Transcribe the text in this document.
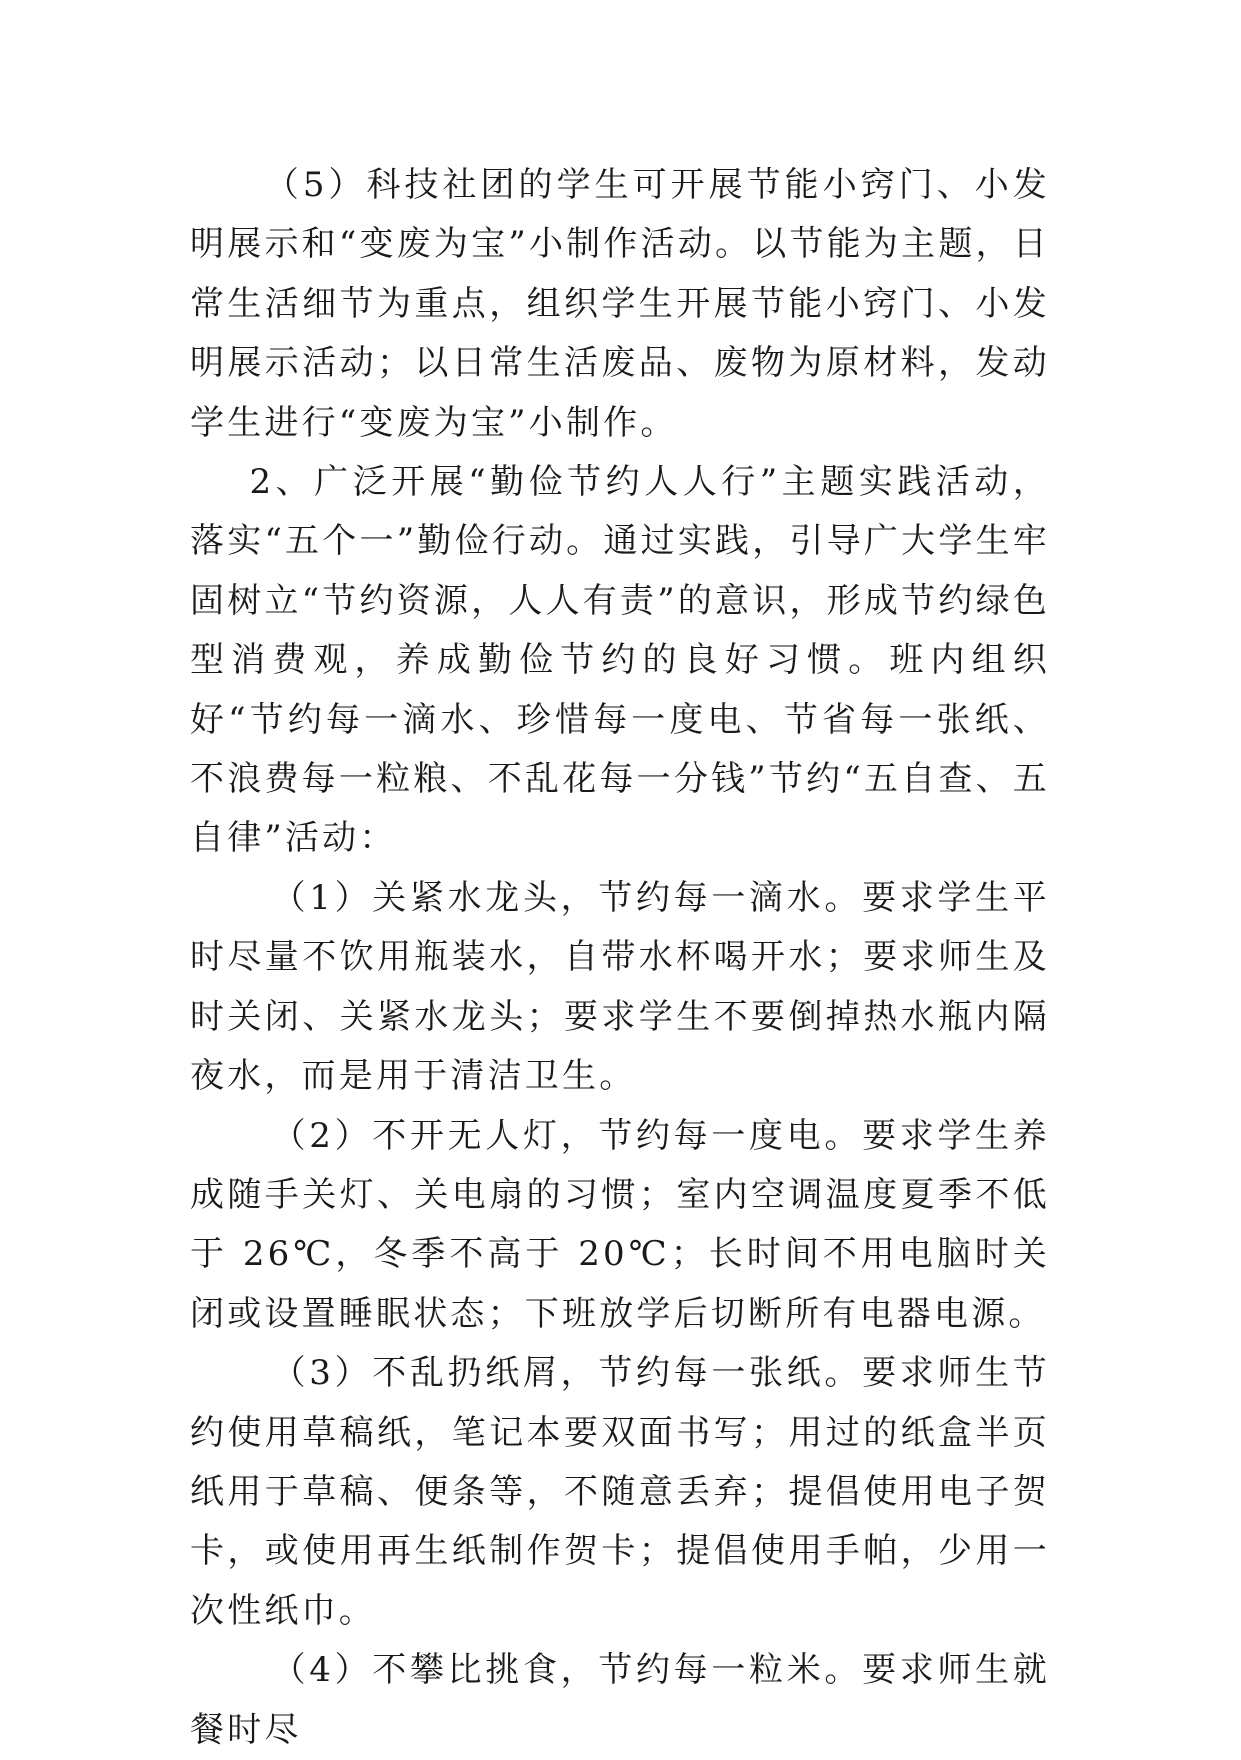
（5）科技社团的学生可开展节能小窍门、小发明展示和“变废为宝”小制作活动。以节能为主题，日常生活细节为重点，组织学生开展节能小窍门、小发明展示活动；以日常生活废品、废物为原材料，发动学生进行“变废为宝”小制作。

2、广泛开展“勤俭节约人人行”主题实践活动，落实“五个一”勤俭行动。通过实践，引导广大学生牢固树立“节约资源，人人有责”的意识，形成节约绿色型消费观，养成勤俭节约的良好习惯。班内组织好“节约每一滴水、珍惜每一度电、节省每一张纸、不浪费每一粒粮、不乱花每一分钱”节约“五自查、五自律”活动：

（1）关紧水龙头，节约每一滴水。要求学生平时尽量不饮用瓶装水，自带水杯喝开水；要求师生及时关闭、关紧水龙头；要求学生不要倒掉热水瓶内隔夜水，而是用于清洁卫生。

（2）不开无人灯，节约每一度电。要求学生养成随手关灯、关电扇的习惯；室内空调温度夏季不低于 26℃，冬季不高于 20℃；长时间不用电脑时关闭或设置睡眠状态；下班放学后切断所有电器电源。

（3）不乱扔纸屑，节约每一张纸。要求师生节约使用草稿纸，笔记本要双面书写；用过的纸盒半页纸用于草稿、便条等，不随意丢弃；提倡使用电子贺卡，或使用再生纸制作贺卡；提倡使用手帕，少用一次性纸巾。

（4）不攀比挑食，节约每一粒米。要求师生就餐时尽
